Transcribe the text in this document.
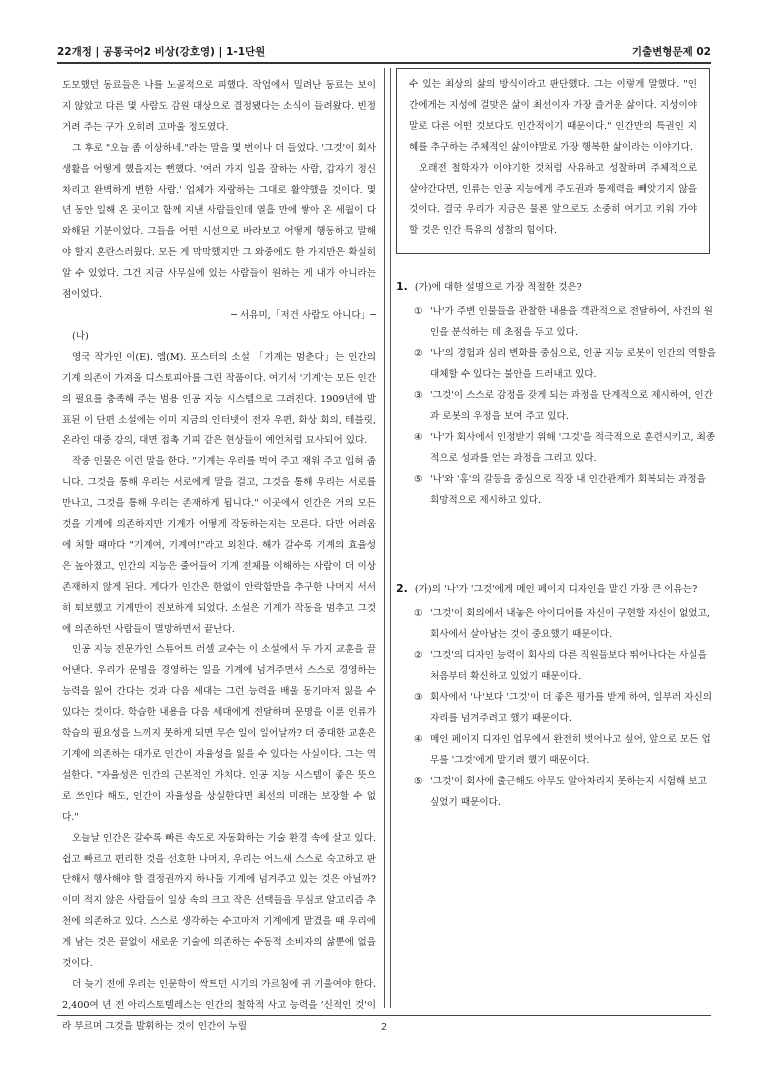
22개정 | 공통국어2 비상(강호영) | 1-1단원	기출변형문제 02

도모했던 동료들은 나를 노골적으로 피했다. 작업에서 밀려난 동료는 보이지 않았고 다른 몇 사람도 감원 대상으로 결정됐다는 소식이 들려왔다. 빈정거려 주는 구가 오히려 고마울 정도였다.

그 후로 "오늘 좀 이상하네."라는 말을 몇 번이나 더 들었다. '그것'이 회사 생활을 어떻게 했을지는 뻔했다. '여러 가지 일을 잘하는 사람, 갑자기 정신 차리고 완벽하게 변한 사람.' 업체가 자랑하는 그대로 활약했을 것이다. 몇 년 동안 일해 온 곳이고 함께 지낸 사람들인데 열흘 만에 쌓아 온 세월이 다 와해된 기분이었다. 그들을 어떤 시선으로 바라보고 어떻게 행동하고 말해야 할지 혼란스러웠다. 모든 게 막막했지만 그 와중에도 한 가지만은 확실히 알 수 있었다. 그건 지금 사무실에 있는 사람들이 원하는 게 내가 아니라는 점이었다.

─ 서유미,「저건 사람도 아니다」─

(나)

영국 작가인 이(E). 엠(M). 포스터의 소설 「기계는 멈춘다」는 인간의 기계 의존이 가져올 디스토피아를 그린 작품이다. 여기서 '기계'는 모든 인간의 필요를 충족해 주는 범용 인공 지능 시스템으로 그려진다. 1909년에 발표된 이 단편 소설에는 이미 지금의 인터넷이 전자 우편, 화상 회의, 테블릿, 온라인 대중 강의, 대면 접촉 기피 같은 현상들이 예언처럼 묘사되어 있다.

작중 인물은 이런 말을 한다. "기계는 우리를 먹여 주고 재워 주고 입혀 줍니다. 그것을 통해 우리는 서로에게 말을 걸고, 그것을 통해 우리는 서로를 만나고, 그것을 통해 우리는 존재하게 됩니다." 이곳에서 인간은 거의 모든 것을 기계에 의존하지만 기계가 어떻게 작동하는지는 모른다. 다만 어려움에 처할 때마다 "기계여, 기계여!"라고 외친다. 해가 갈수록 기계의 효율성은 높아졌고, 인간의 지능은 줄어들어 기계 전체를 이해하는 사람이 더 이상 존재하지 않게 된다. 게다가 인간은 한없이 안락함만을 추구한 나머지 서서히 퇴보했고 기계만이 진보하게 되었다. 소설은 기계가 작동을 멈추고 그것에 의존하던 사람들이 멸망하면서 끝난다.

인공 지능 전문가인 스튜어트 러셀 교수는 이 소설에서 두 가지 교훈을 끌어낸다. 우리가 문명을 경영하는 일을 기계에 넘겨주면서 스스로 경영하는 능력을 잃어 간다는 것과 다음 세대는 그런 능력을 배울 동기마저 잃을 수 있다는 것이다. 학습한 내용을 다음 세대에게 전달하며 문명을 이룬 인류가 학습의 필요성을 느끼지 못하게 되면 무슨 일이 일어날까? 더 중대한 교훈은 기계에 의존하는 대가로 인간이 자율성을 잃을 수 있다는 사실이다. 그는 역설한다. "자율성은 인간의 근본적인 가치다. 인공 지능 시스템이 좋은 뜻으로 쓰인다 해도, 인간이 자율성을 상실한다면 최선의 미래는 보장할 수 없다."

오늘날 인간은 갈수록 빠른 속도로 자동화하는 기술 환경 속에 살고 있다. 쉽고 빠르고 편리한 것을 선호한 나머지, 우리는 어느새 스스로 숙고하고 판단해서 행사해야 할 결정권까지 하나둘 기계에 넘겨주고 있는 것은 아닐까? 이미 적지 않은 사람들이 일상 속의 크고 작은 선택들을 무심코 알고리즘 추천에 의존하고 있다. 스스로 생각하는 수고마저 기계에게 맡겼을 때 우리에게 남는 것은 끝없이 새로운 기술에 의존하는 수동적 소비자의 삶뿐에 없을 것이다.

더 늦기 전에 우리는 인문학이 싹트던 시기의 가르침에 귀 기울여야 한다. 2,400여 년 전 아리스토텔레스는 인간의 철학적 사고 능력을 '신적인 것'이라 부르며 그것을 발휘하는 것이 인간이 누릴

수 있는 최상의 삶의 방식이라고 판단했다. 그는 이렇게 말했다. "인간에게는 지성에 걸맞은 삶이 최선이자 가장 즐거운 삶이다. 지성이야말로 다른 어떤 것보다도 인간적이기 때문이다." 인간만의 특권인 지혜를 추구하는 주체적인 삶이야말로 가장 행복한 삶이라는 이야기다.

오래전 철학자가 이야기한 것처럼 사유하고 성찰하며 주체적으로 살아간다면, 인류는 인공 지능에게 주도권과 통제력을 빼앗기지 않을 것이다. 결국 우리가 지금은 물론 앞으로도 소중히 여기고 키워 가야 할 것은 인간 특유의 성찰의 힘이다.

1. (가)에 대한 설명으로 가장 적절한 것은?
① '나'가 주변 인물들을 관찰한 내용을 객관적으로 전달하여, 사건의 원인을 분석하는 데 초점을 두고 있다.
② '나'의 경험과 심리 변화를 중심으로, 인공 지능 로봇이 인간의 역할을 대체할 수 있다는 불안을 드러내고 있다.
③ '그것'이 스스로 감정을 갖게 되는 과정을 단계적으로 제시하여, 인간과 로봇의 우정을 보여 주고 있다.
④ '나'가 회사에서 인정받기 위해 '그것'을 적극적으로 훈련시키고, 최종적으로 성과를 얻는 과정을 그리고 있다.
⑤ '나'와 '홍'의 갈등을 중심으로 직장 내 인간관계가 회복되는 과정을 희망적으로 제시하고 있다.
2. (가)의 '나'가 '그것'에게 메인 페이지 디자인을 맡긴 가장 큰 이유는?
① '그것'이 회의에서 내놓은 아이디어를 자신이 구현할 자신이 없었고, 회사에서 살아남는 것이 중요했기 때문이다.
② '그것'의 디자인 능력이 회사의 다른 직원들보다 뛰어나다는 사실을 처음부터 확신하고 있었기 때문이다.
③ 회사에서 '나'보다 '그것'이 더 좋은 평가를 받게 하여, 일부러 자신의 자리를 넘겨주려고 했기 때문이다.
④ 메인 페이지 디자인 업무에서 완전히 벗어나고 싶어, 앞으로 모든 업무를 '그것'에게 맡기려 했기 때문이다.
⑤ '그것'이 회사에 출근해도 아무도 알아차리지 못하는지 시험해 보고 싶었기 때문이다.
2
